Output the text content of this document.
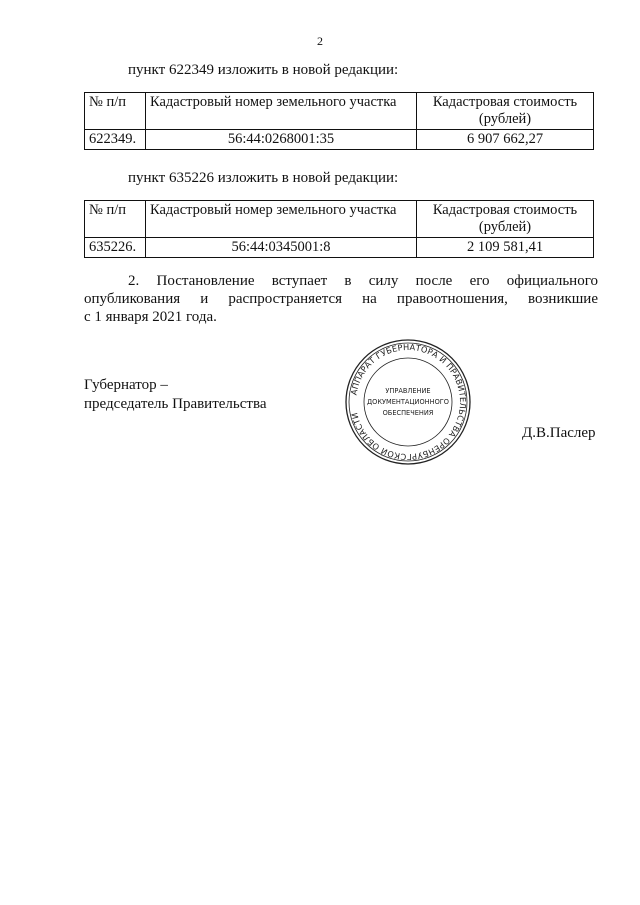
2
пункт 622349 изложить в новой редакции:
№ п/п	Кадастровый номер земельного участка	Кадастровая стоимость (рублей)
622349.	56:44:0268001:35	6 907 662,27
пункт 635226 изложить в новой редакции:
№ п/п	Кадастровый номер земельного участка	Кадастровая стоимость (рублей)
635226.	56:44:0345001:8	2 109 581,41
2. Постановление вступает в силу после его официального
опубликования и распространяется на правоотношения, возникшие
с 1 января 2021 года.
Губернатор –
председатель Правительства
АППАРАТ ГУБЕРНАТОРА И ПРАВИТЕЛЬСТВА ОРЕНБУРГСКОЙ ОБЛАСТИ
УПРАВЛЕНИЕ
ДОКУМЕНТАЦИОННОГО
ОБЕСПЕЧЕНИЯ
Д.В.Паслер
